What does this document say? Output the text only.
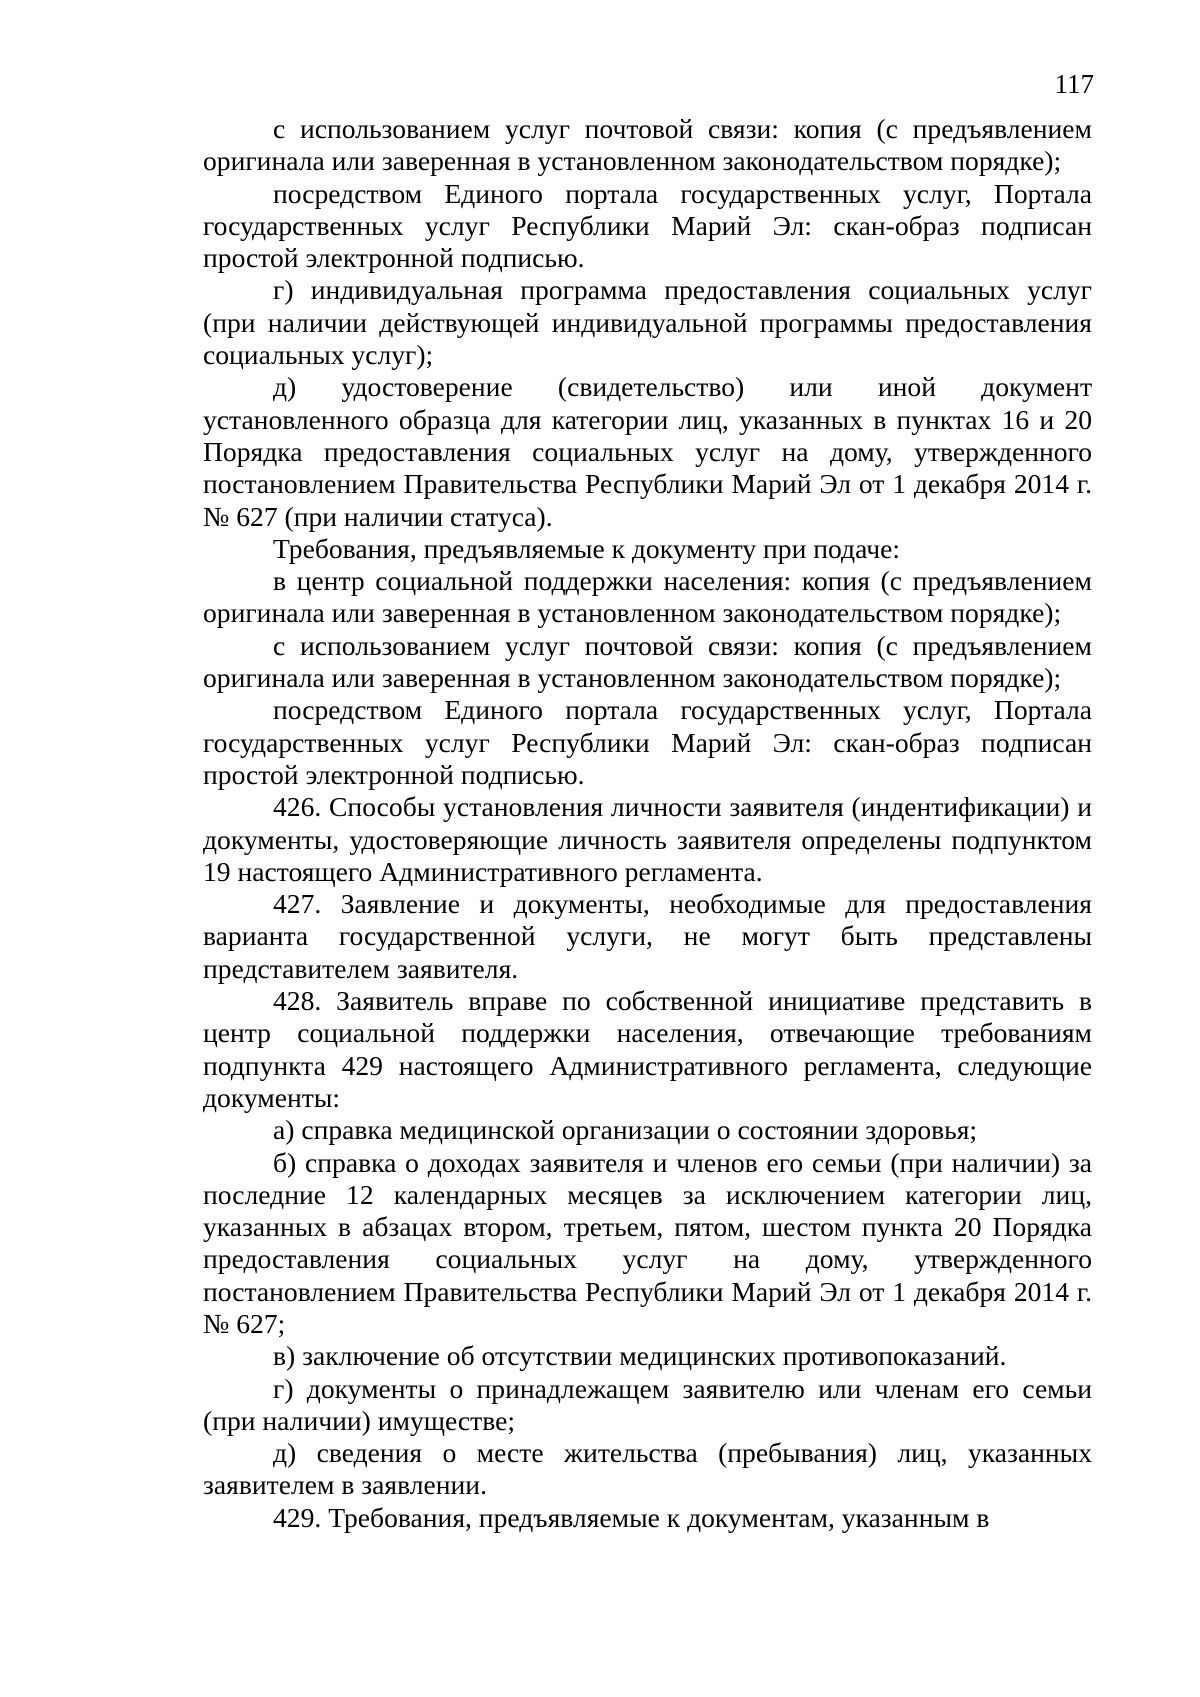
117

с использованием услуг почтовой связи: копия (с предъявлением оригинала или заверенная в установленном законодательством порядке);

посредством Единого портала государственных услуг, Портала государственных услуг Республики Марий Эл: скан-образ подписан простой электронной подписью.

г) индивидуальная программа предоставления социальных услуг (при наличии действующей индивидуальной программы предоставления социальных услуг);

д) удостоверение (свидетельство) или иной документ установленного образца для категории лиц, указанных в пунктах 16 и 20 Порядка предоставления социальных услуг на дому, утвержденного постановлением Правительства Республики Марий Эл от 1 декабря 2014 г. № 627 (при наличии статуса).

Требования, предъявляемые к документу при подаче:

в центр социальной поддержки населения: копия (с предъявлением оригинала или заверенная в установленном законодательством порядке);

с использованием услуг почтовой связи: копия (с предъявлением оригинала или заверенная в установленном законодательством порядке);

посредством Единого портала государственных услуг, Портала государственных услуг Республики Марий Эл: скан-образ подписан простой электронной подписью.

426. Способы установления личности заявителя (индентификации) и документы, удостоверяющие личность заявителя определены подпунктом 19 настоящего Административного регламента.

427. Заявление и документы, необходимые для предоставления варианта государственной услуги, не могут быть представлены представителем заявителя.

428. Заявитель вправе по собственной инициативе представить в центр социальной поддержки населения, отвечающие требованиям подпункта 429 настоящего Административного регламента, следующие документы:

а) справка медицинской организации о состоянии здоровья;

б) справка о доходах заявителя и членов его семьи (при наличии) за последние 12 календарных месяцев за исключением категории лиц, указанных в абзацах втором, третьем, пятом, шестом пункта 20 Порядка предоставления социальных услуг на дому, утвержденного постановлением Правительства Республики Марий Эл от 1 декабря 2014 г. № 627;

в) заключение об отсутствии медицинских противопоказаний.

г) документы о принадлежащем заявителю или членам его семьи (при наличии) имуществе;

д) сведения о месте жительства (пребывания) лиц, указанных заявителем в заявлении.

429. Требования, предъявляемые к документам, указанным в
